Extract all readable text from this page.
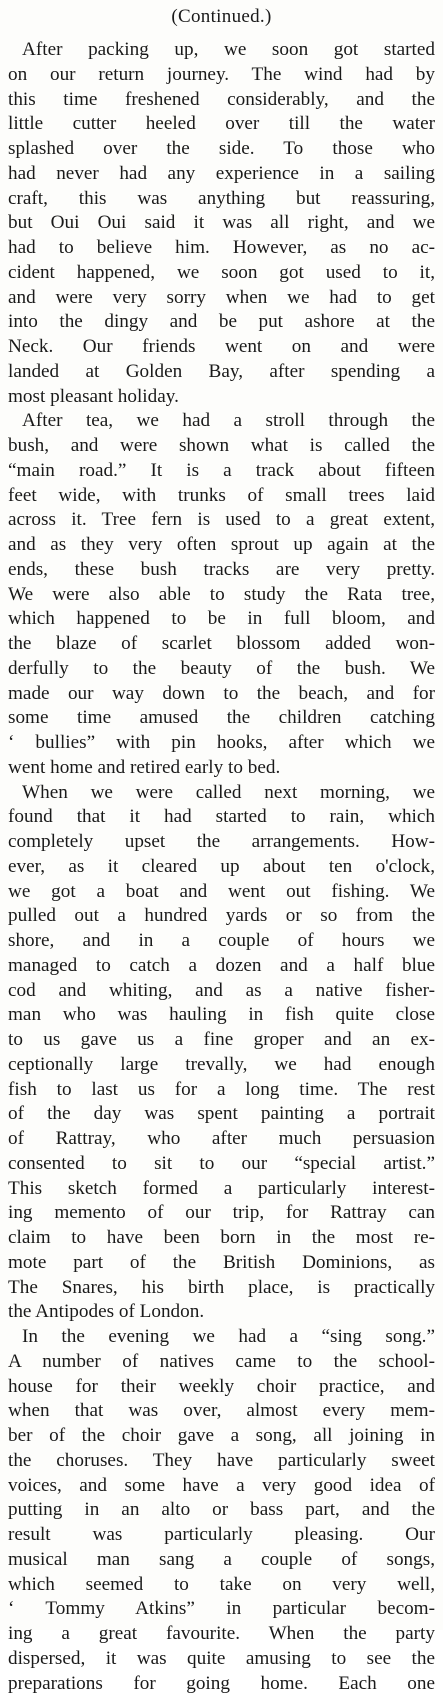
(Continued.)
After packing up, we soon got started
on our return journey. The wind had by
this time freshened considerably, and the
little cutter heeled over till the water
splashed over the side. To those who
had never had any experience in a sailing
craft, this was anything but reassuring,
but Oui Oui said it was all right, and we
had to believe him. However, as no ac-
cident happened, we soon got used to it,
and were very sorry when we had to get
into the dingy and be put ashore at the
Neck. Our friends went on and were
landed at Golden Bay, after spending a
most pleasant holiday.
After tea, we had a stroll through the
bush, and were shown what is called the
“main road.” It is a track about fifteen
feet wide, with trunks of small trees laid
across it. Tree fern is used to a great extent,
and as they very often sprout up again at the
ends, these bush tracks are very pretty.
We were also able to study the Rata tree,
which happened to be in full bloom, and
the blaze of scarlet blossom added won-
derfully to the beauty of the bush. We
made our way down to the beach, and for
some time amused the children catching
‘ bullies” with pin hooks, after which we
went home and retired early to bed.
When we were called next morning, we
found that it had started to rain, which
completely upset the arrangements. How-
ever, as it cleared up about ten o'clock,
we got a boat and went out fishing. We
pulled out a hundred yards or so from the
shore, and in a couple of hours we
managed to catch a dozen and a half blue
cod and whiting, and as a native fisher-
man who was hauling in fish quite close
to us gave us a fine groper and an ex-
ceptionally large trevally, we had enough
fish to last us for a long time. The rest
of the day was spent painting a portrait
of Rattray, who after much persuasion
consented to sit to our “special artist.”
This sketch formed a particularly interest-
ing memento of our trip, for Rattray can
claim to have been born in the most re-
mote part of the British Dominions, as
The Snares, his birth place, is practically
the Antipodes of London.
In the evening we had a “sing song.”
A number of natives came to the school-
house for their weekly choir practice, and
when that was over, almost every mem-
ber of the choir gave a song, all joining in
the choruses. They have particularly sweet
voices, and some have a very good idea of
putting in an alto or bass part, and the
result was particularly pleasing. Our
musical man sang a couple of songs,
which seemed to take on very well,
‘ Tommy Atkins” in particular becom-
ing a great favourite. When the party
dispersed, it was quite amusing to see the
preparations for going home. Each one
